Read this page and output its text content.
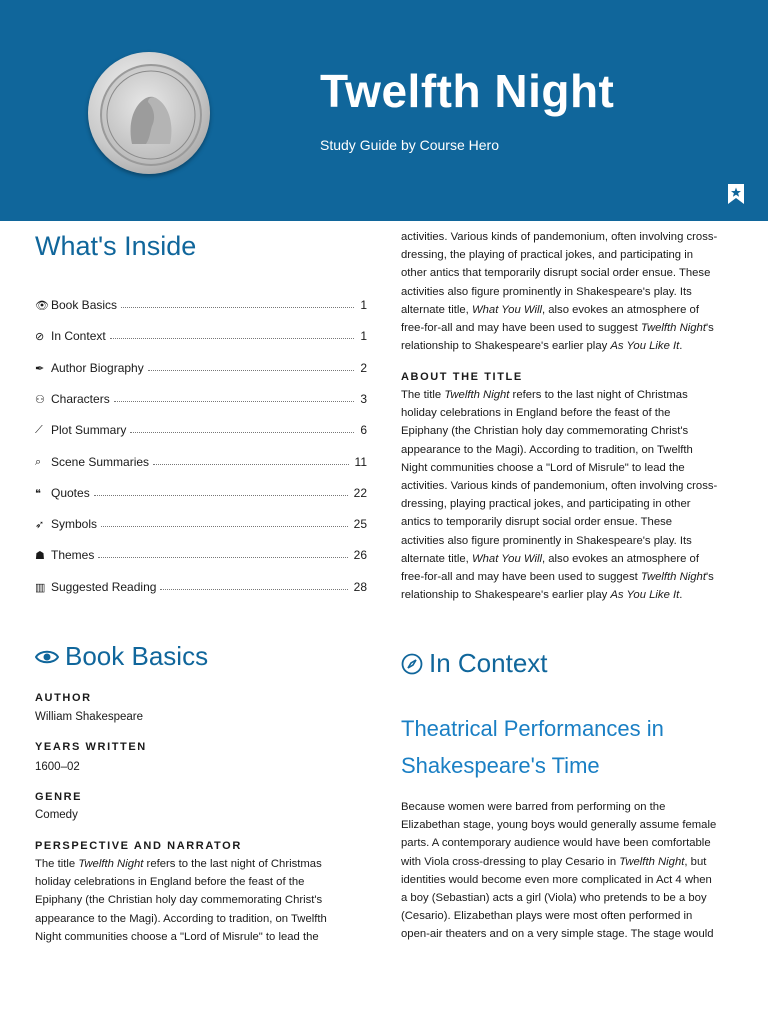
Twelfth Night
Study Guide by Course Hero
What's Inside
👁 Book Basics	1
⊘ In Context	1
✒ Author Biography	2
⚇ Characters	3
⟋ Plot Summary	6
⌕ Scene Summaries	11
❝ Quotes	22
➶ Symbols	25
☗ Themes	26
▥ Suggested Reading	28
Book Basics
AUTHOR
William Shakespeare
YEARS WRITTEN
1600–02
GENRE
Comedy
PERSPECTIVE AND NARRATOR
The title Twelfth Night refers to the last night of Christmas
holiday celebrations in England before the feast of the
Epiphany (the Christian holy day commemorating Christ's
appearance to the Magi). According to tradition, on Twelfth
Night communities choose a "Lord of Misrule" to lead the
activities. Various kinds of pandemonium, often involving cross-
dressing, the playing of practical jokes, and participating in
other antics that temporarily disrupt social order ensue. These
activities also figure prominently in Shakespeare's play. Its
alternate title, What You Will, also evokes an atmosphere of
free-for-all and may have been used to suggest Twelfth Night's
relationship to Shakespeare's earlier play As You Like It.
ABOUT THE TITLE
The title Twelfth Night refers to the last night of Christmas
holiday celebrations in England before the feast of the
Epiphany (the Christian holy day commemorating Christ's
appearance to the Magi). According to tradition, on Twelfth
Night communities choose a "Lord of Misrule" to lead the
activities. Various kinds of pandemonium, often involving cross-
dressing, playing practical jokes, and participating in other
antics to temporarily disrupt social order ensue. These
activities also figure prominently in Shakespeare's play. Its
alternate title, What You Will, also evokes an atmosphere of
free-for-all and may have been used to suggest Twelfth Night's
relationship to Shakespeare's earlier play As You Like It.
In Context
Theatrical Performances in
Shakespeare's Time
Because women were barred from performing on the
Elizabethan stage, young boys would generally assume female
parts. A contemporary audience would have been comfortable
with Viola cross-dressing to play Cesario in Twelfth Night, but
identities would become even more complicated in Act 4 when
a boy (Sebastian) acts a girl (Viola) who pretends to be a boy
(Cesario). Elizabethan plays were most often performed in
open-air theaters and on a very simple stage. The stage would
